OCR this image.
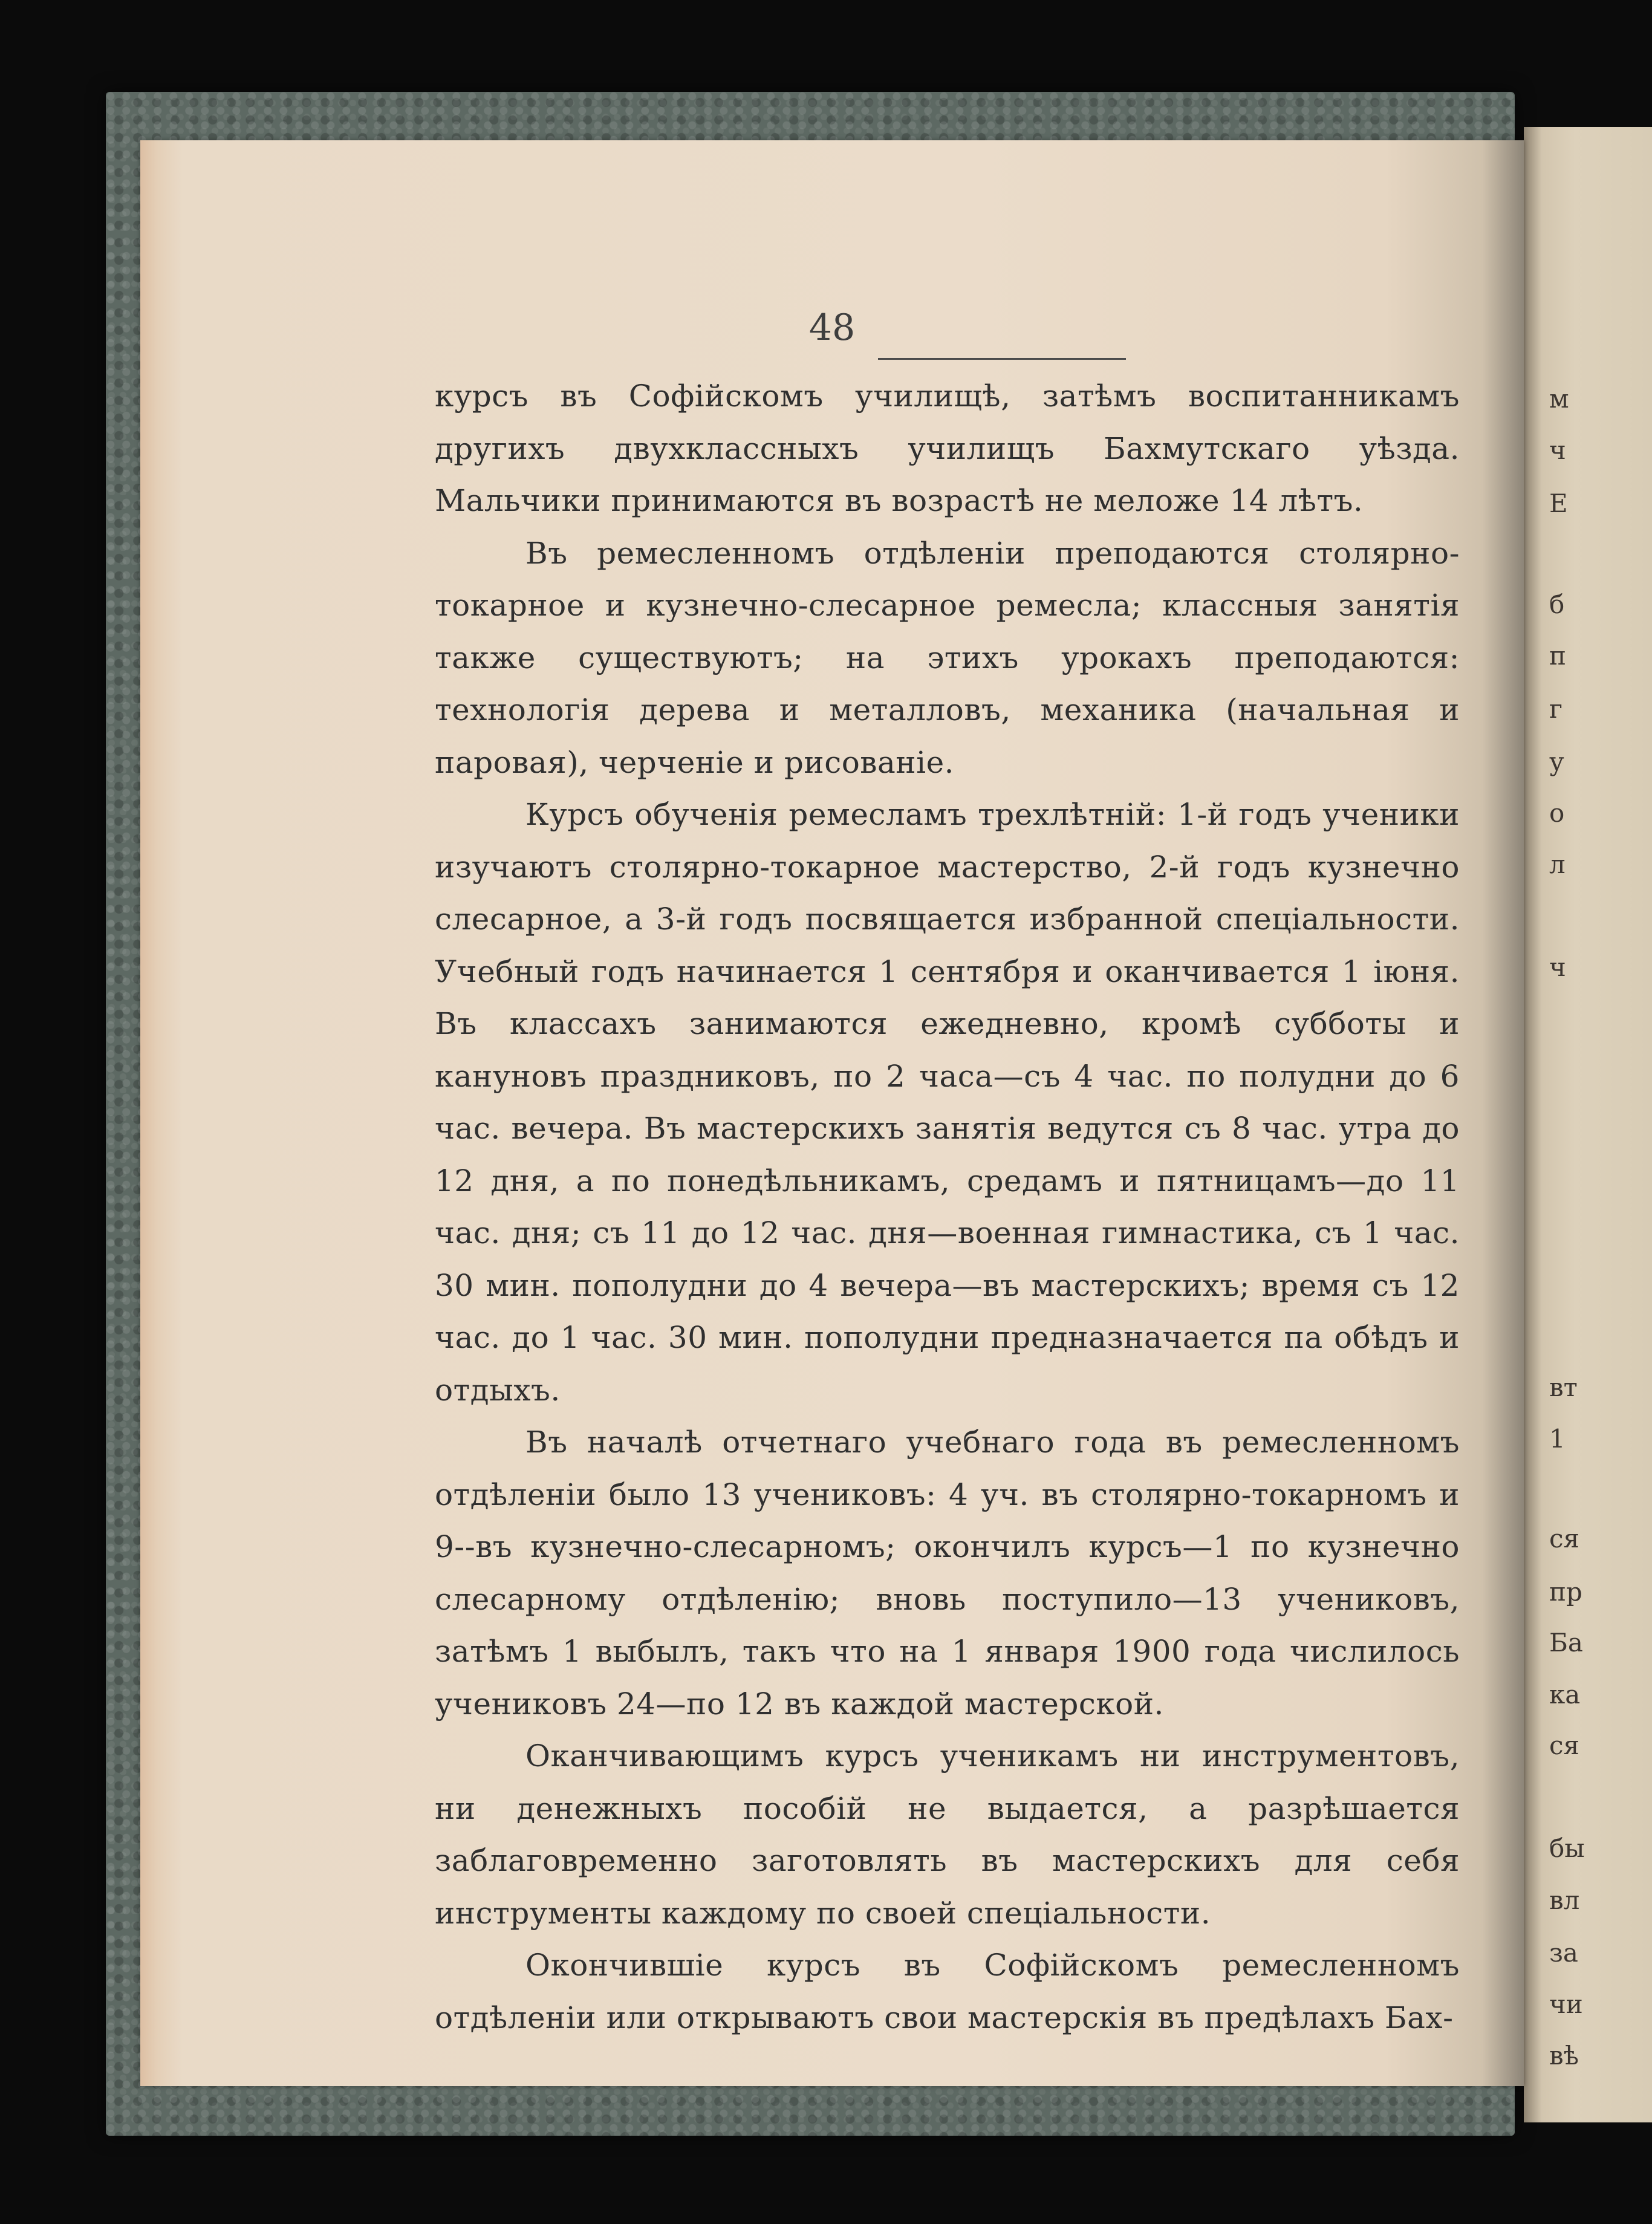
м
ч
Е
б
п
г
у
о
л
ч
вт
1
ся
пр
Ба
ка
ся
бы
вл
за
чи
вѣ
48

курсъ въ Софійскомъ училищѣ, затѣмъ воспитанникамъ другихъ двухклассныхъ училищъ Бахмутскаго уѣзда. Мальчики принимаются въ возрастѣ не меложе 14 лѣтъ.

Въ ремесленномъ отдѣленіи преподаются столярно-токарное и кузнечно-слесарное ремесла; классныя занятія также существуютъ; на этихъ урокахъ преподаются: технологія дерева и металловъ, механика (начальная и паровая), черченіе и рисованіе.

Курсъ обученія ремесламъ трехлѣтній: 1-й годъ ученики изучаютъ столярно-токарное мастерство, 2-й годъ кузнечно слесарное, а 3-й годъ посвящается избранной спеціальности. Учебный годъ начинается 1 сентября и оканчивается 1 іюня. Въ классахъ занимаются ежедневно, кромѣ субботы и кануновъ праздниковъ, по 2 часа—съ 4 час. по полудни до 6 час. вечера. Въ мастерскихъ занятія ведутся съ 8 час. утра до 12 дня, а по понедѣльникамъ, средамъ и пятницамъ—до 11 час. дня; съ 11 до 12 час. дня—военная гимнастика, съ 1 час. 30 мин. пополудни до 4 вечера—въ мастерскихъ; время съ 12 час. до 1 час. 30 мин. пополудни предназначается па обѣдъ и отдыхъ.

Въ началѣ отчетнаго учебнаго года въ ремесленномъ отдѣленіи было 13 учениковъ: 4 уч. въ столярно-токарномъ и 9--въ кузнечно-слесарномъ; окончилъ курсъ—1 по кузнечно слесарному отдѣленію; вновь поступило—13 учениковъ, затѣмъ 1 выбылъ, такъ что на 1 января 1900 года числилось учениковъ 24—по 12 въ каждой мастерской.

Оканчивающимъ курсъ ученикамъ ни инструментовъ, ни денежныхъ пособій не выдается, а разрѣшается заблаговременно заготовлять въ мастерскихъ для себя инструменты каждому по своей спеціальности.

Окончившіе курсъ въ Софійскомъ ремесленномъ отдѣленіи или открываютъ свои мастерскія въ предѣлахъ Бах-
